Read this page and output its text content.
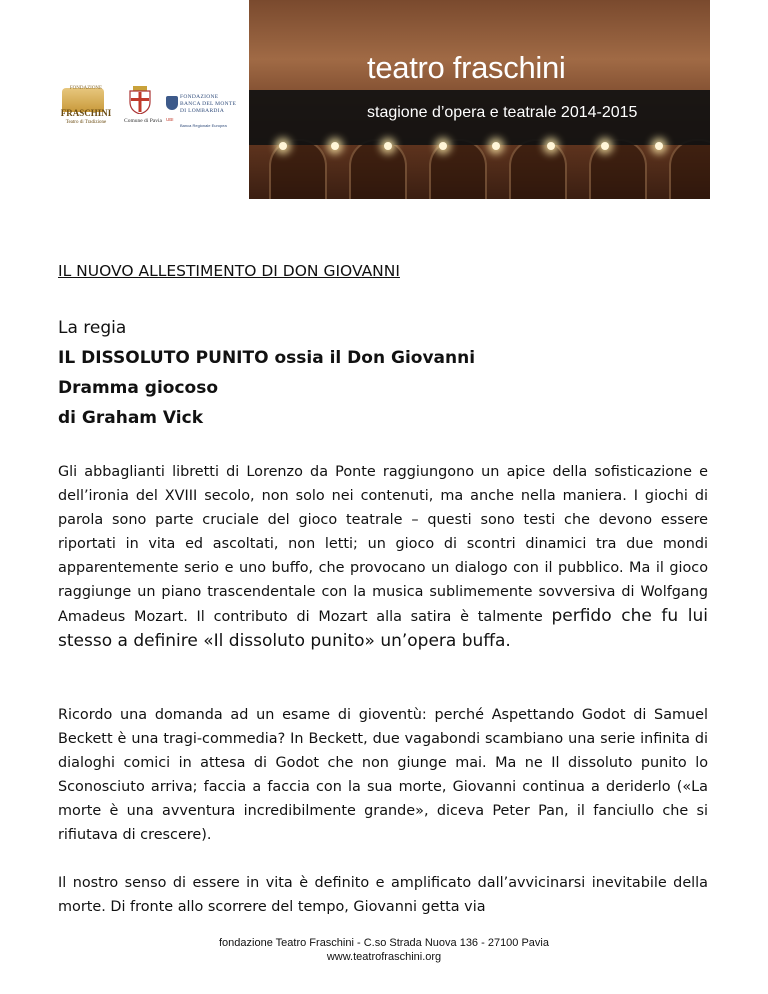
FONDAZIONE
FRASCHINI
Teatro di Tradizione	Comune di Pavia
FONDAZIONE
BANCA DEL MONTE
DI LOMBARDIA
UBI
Banca Regionale Europea
teatro fraschini
stagione d’opera e teatrale 2014-2015
IL NUOVO ALLESTIMENTO DI DON GIOVANNI
La regia
IL DISSOLUTO PUNITO ossia il Don Giovanni
Dramma giocoso
di Graham Vick

Gli abbaglianti libretti di Lorenzo da Ponte raggiungono un apice della sofisticazione e dell’ironia del XVIII secolo, non solo nei contenuti, ma anche nella maniera. I giochi di parola sono parte cruciale del gioco teatrale – questi sono testi che devono essere riportati in vita ed ascoltati, non letti; un gioco di scontri dinamici tra due mondi apparentemente serio e uno buffo, che provocano un dialogo con il pubblico. Ma il gioco raggiunge un piano trascendentale con la musica sublimemente sovversiva di Wolfgang Amadeus Mozart. Il contributo di Mozart alla satira è talmente perfido che fu lui stesso a definire «Il dissoluto punito» un’opera buffa.

Ricordo una domanda ad un esame di gioventù: perché Aspettando Godot di Samuel Beckett è una tragi-commedia? In Beckett, due vagabondi scambiano una serie infinita di dialoghi comici in attesa di Godot che non giunge mai. Ma ne Il dissoluto punito lo Sconosciuto arriva; faccia a faccia con la sua morte, Giovanni continua a deriderlo («La morte è una avventura incredibilmente grande», diceva Peter Pan, il fanciullo che si rifiutava di crescere).

Il nostro senso di essere in vita è definito e amplificato dall’avvicinarsi inevitabile della morte. Di fronte allo scorrere del tempo, Giovanni getta via

fondazione Teatro Fraschini - C.so Strada Nuova 136 - 27100 Pavia
www.teatrofraschini.org
